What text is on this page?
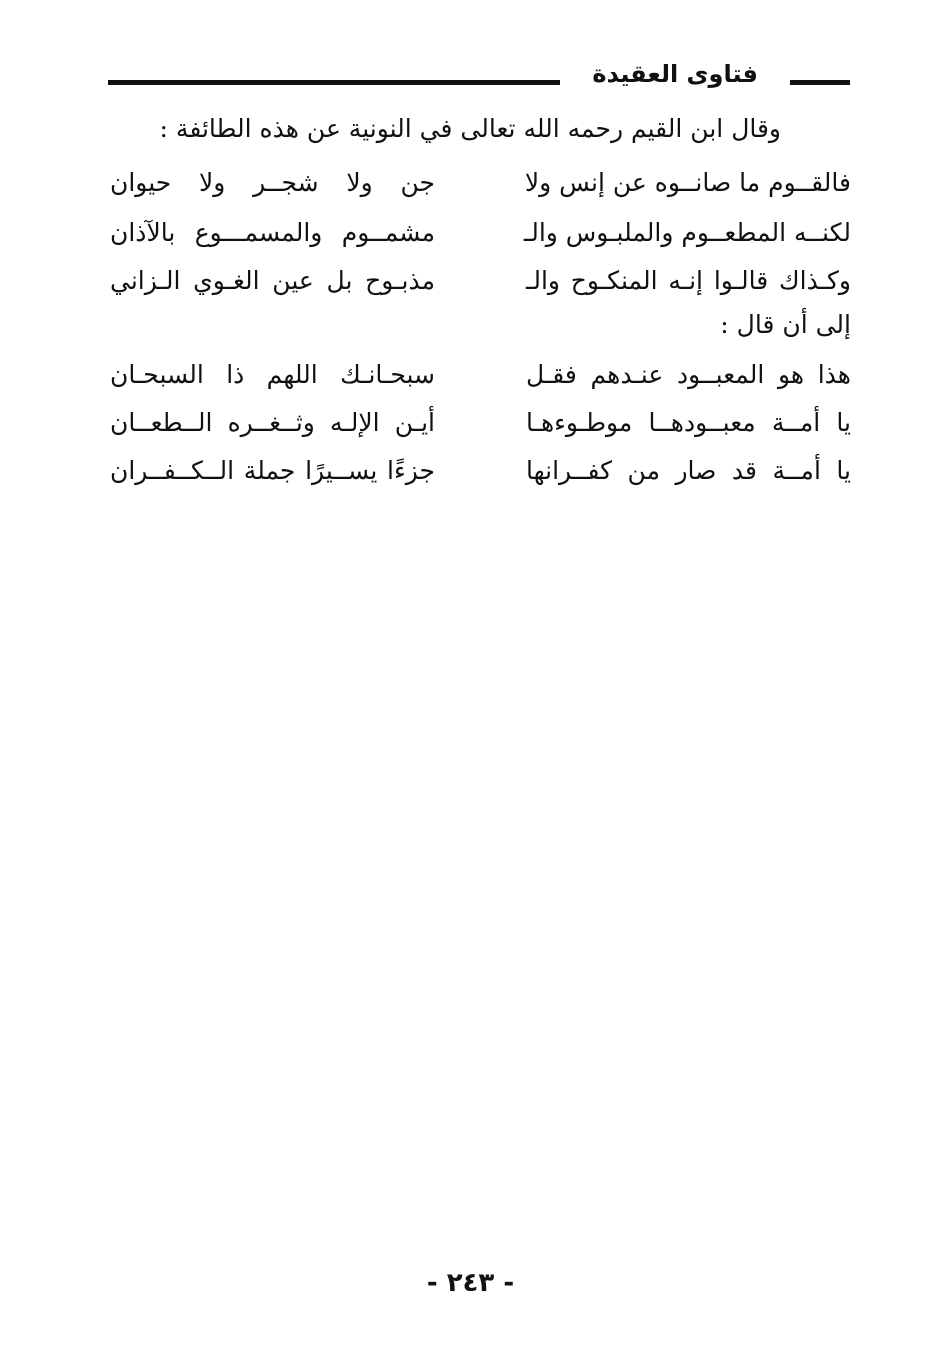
فتاوى العقيدة
وقال ابن القيم رحمه الله تعالى في النونية عن هذه الطائفة :
فالقــوم ما صانــوه عن إنس ولا
جن ولا شجــر ولا حيوان
لكنــه المطعــوم والملبـوس والـ
مشمــوم والمسمـــوع بالآذان
وكـذاك قالـوا إنـه المنكـوح والـ
مذبـوح بل عين الغـوي الـزاني
إلى أن قال :
هذا هو المعبــود عنـدهم فقـل
سبحـانـك اللهم ذا السبحـان
يا أمــة معبــودهــا موطـوءهـا
أيـن الإلـه وثــغــره الــطعــان
يا أمــة قد صار من كفــرانها
جزءًا يســيرًا جملة الــكــفــران
- ٢٤٣ -
